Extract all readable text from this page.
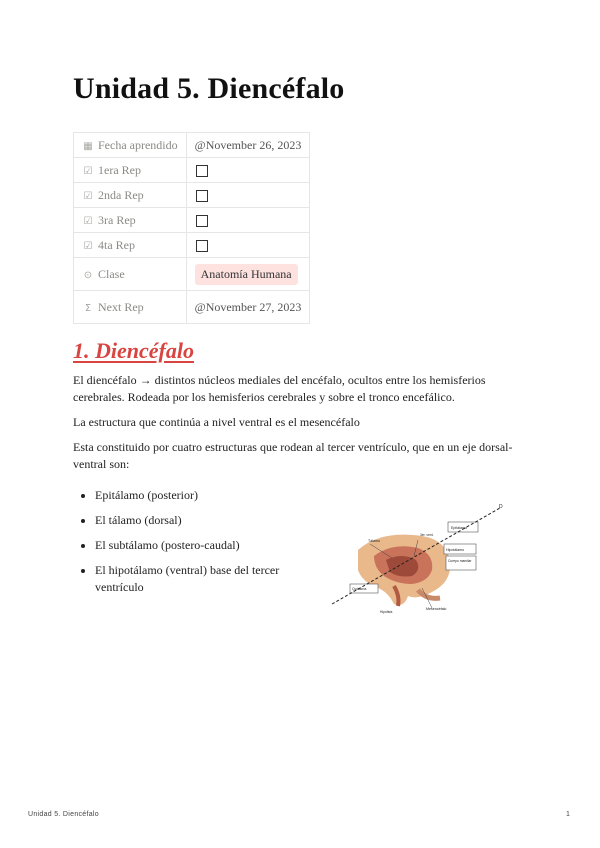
Unidad 5. Diencéfalo
▦ Fecha aprendido	@November 26, 2023
☑ 1era Rep	
☑ 2nda Rep	
☑ 3ra Rep	
☑ 4ta Rep	
⊙ Clase	Anatomía Humana
Σ Next Rep	@November 27, 2023
1. Diencéfalo

El diencéfalo → distintos núcleos mediales del encéfalo, ocultos entre los hemisferios cerebrales. Rodeada por los hemisferios cerebrales y sobre el tronco encefálico.

La estructura que continúa a nivel ventral es el mesencéfalo

Esta constituido por cuatro estructuras que rodean al tercer ventrículo, que en un eje dorsal-ventral son:

• Epitálamo (posterior)
• El tálamo (dorsal)
• El subtálamo (postero-caudal)
• El hipotálamo (ventral) base del tercer ventrículo
D
Epitálamo
Tálamo
3er. vent.
Hipotálamo
Cuerpo mamilar
Quiasma
Mesencéfalo
Hipófisis
Unidad 5. Diencéfalo	1
